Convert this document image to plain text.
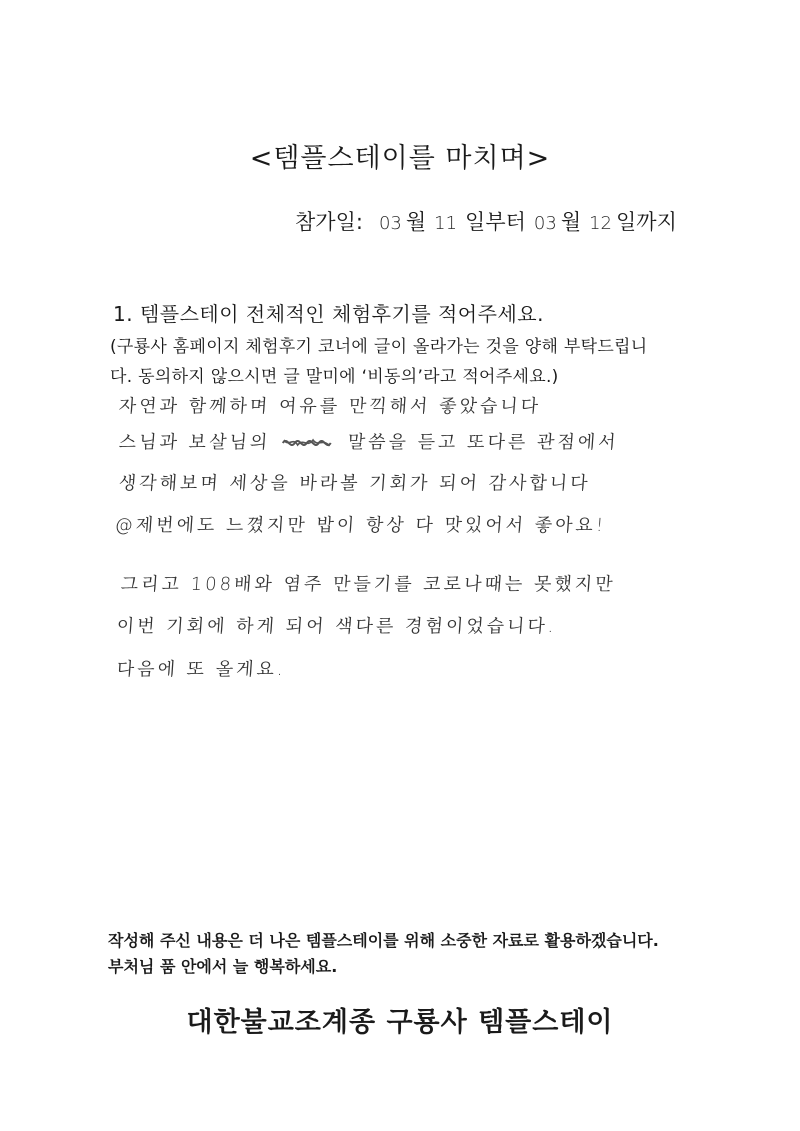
<템플스테이를 마치며>
참가일: 03 월 11 일부터 03 월 12 일까지
1. 템플스테이 전체적인 체험후기를 적어주세요.
(구룡사 홈페이지 체험후기 코너에 글이 올라가는 것을 양해 부탁드립니
다. 동의하지 않으시면 글 말미에 ‘비동의’라고 적어주세요.)
자연과 함께하며 여유를 만끽해서 좋았습니다
스님과 보살님의	말씀을 듣고 또다른 관점에서
생각해보며 세상을 바라볼 기회가 되어 감사합니다
@제번에도 느꼈지만 밥이 항상 다 맛있어서 좋아요!
그리고 108배와 염주 만들기를 코로나때는 못했지만
이번 기회에 하게 되어 색다른 경험이었습니다.
다음에 또 올게요.
작성해 주신 내용은 더 나은 템플스테이를 위해 소중한 자료로 활용하겠습니다.
부처님 품 안에서 늘 행복하세요.
대한불교조계종 구룡사 템플스테이
